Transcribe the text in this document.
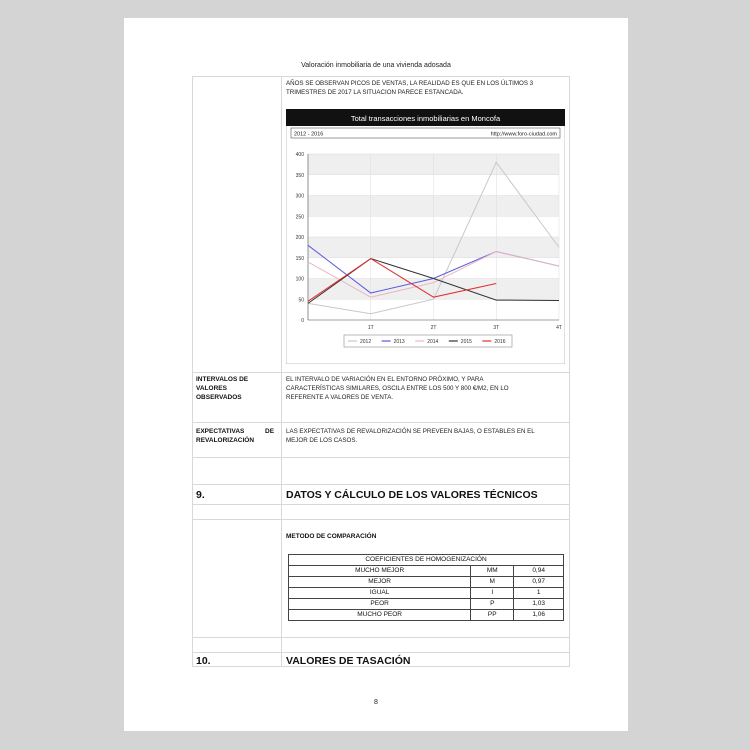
Valoración inmobiliaria de una vivienda adosada
AÑOS SE OBSERVAN PICOS DE VENTAS, LA REALIDAD ES QUE EN LOS ÚLTIMOS 3
TRIMESTRES DE 2017 LA SITUACION PARECE ESTANCADA.
INTERVALOS DE
VALORES
OBSERVADOS
EL INTERVALO DE VARIACIÓN EN EL ENTORNO PRÓXIMO, Y PARA
CARACTERÍSTICAS SIMILARES, OSCILA ENTRE LOS 500 Y 800 €/M2, EN LO
REFERENTE A VALORES DE VENTA.
EXPECTATIVAS	DE
REVALORIZACIÓN
LAS EXPECTATIVAS DE REVALORIZACIÓN SE PREVEEN BAJAS, O ESTABLES EN EL
MEJOR DE LOS CASOS.
9.	DATOS Y CÁLCULO DE LOS VALORES TÉCNICOS
METODO DE COMPARACIÓN
10.	VALORES DE TASACIÓN
8
Total transacciones inmobiliarias en Moncofa
2012 - 2016	http://www.foro-ciudad.com
0
50
100
150
200
250
300
350
400
1T	2T	3T	4T
2012	2013	2014	2015	2016
COEFICIENTES DE HOMOGENIZACIÓN		
MUCHO MEJOR	MM	0,94
MEJOR	M	0,97
IGUAL	I	1
PEOR	P	1,03
MUCHO PEOR	PP	1,06
